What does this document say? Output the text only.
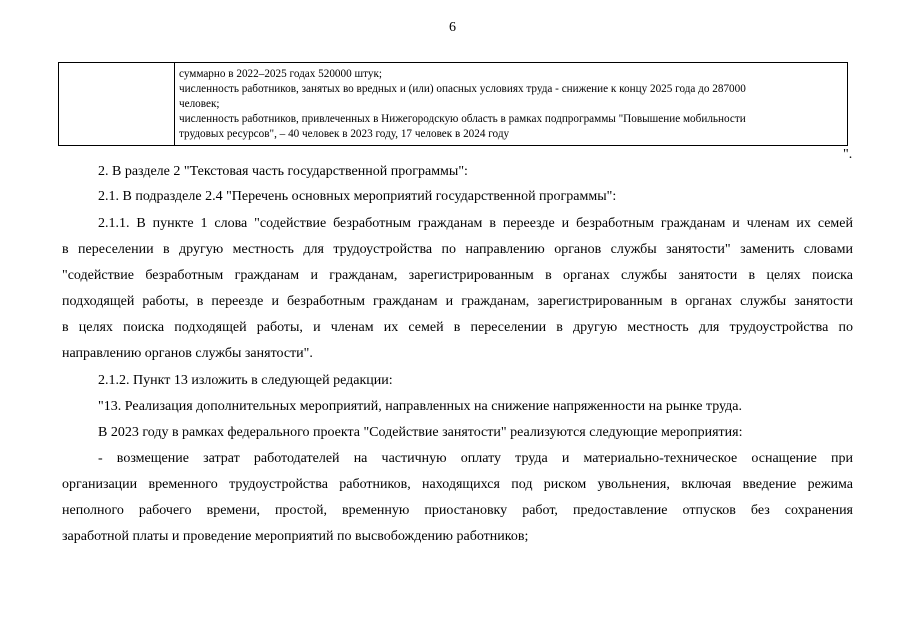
6
суммарно в 2022–2025 годах 520000 штук;
численность работников, занятых во вредных и (или) опасных условиях труда - снижение к концу 2025 года до 287000
человек;
численность работников, привлеченных в Нижегородскую область в рамках подпрограммы "Повышение мобильности
трудовых ресурсов", – 40 человек в 2023 году, 17 человек в 2024 году
".
2. В разделе 2 "Текстовая часть государственной программы":
2.1. В подразделе 2.4 "Перечень основных мероприятий государственной программы":
2.1.1. В пункте 1 слова "содействие безработным гражданам в переезде и безработным гражданам и членам их семей
в переселении в другую местность для трудоустройства по направлению органов службы занятости" заменить словами
"содействие безработным гражданам и гражданам, зарегистрированным в органах службы занятости в целях поиска
подходящей работы, в переезде и безработным гражданам и гражданам, зарегистрированным в органах службы занятости
в целях поиска подходящей работы, и членам их семей в переселении в другую местность для трудоустройства по
направлению органов службы занятости".
2.1.2. Пункт 13 изложить в следующей редакции:
"13. Реализация дополнительных мероприятий, направленных на снижение напряженности на рынке труда.
В 2023 году в рамках федерального проекта "Содействие занятости" реализуются следующие мероприятия:
- возмещение затрат работодателей на частичную оплату труда и материально-техническое оснащение при
организации временного трудоустройства работников, находящихся под риском увольнения, включая введение режима
неполного рабочего времени, простой, временную приостановку работ, предоставление отпусков без сохранения
заработной платы и проведение мероприятий по высвобождению работников;
